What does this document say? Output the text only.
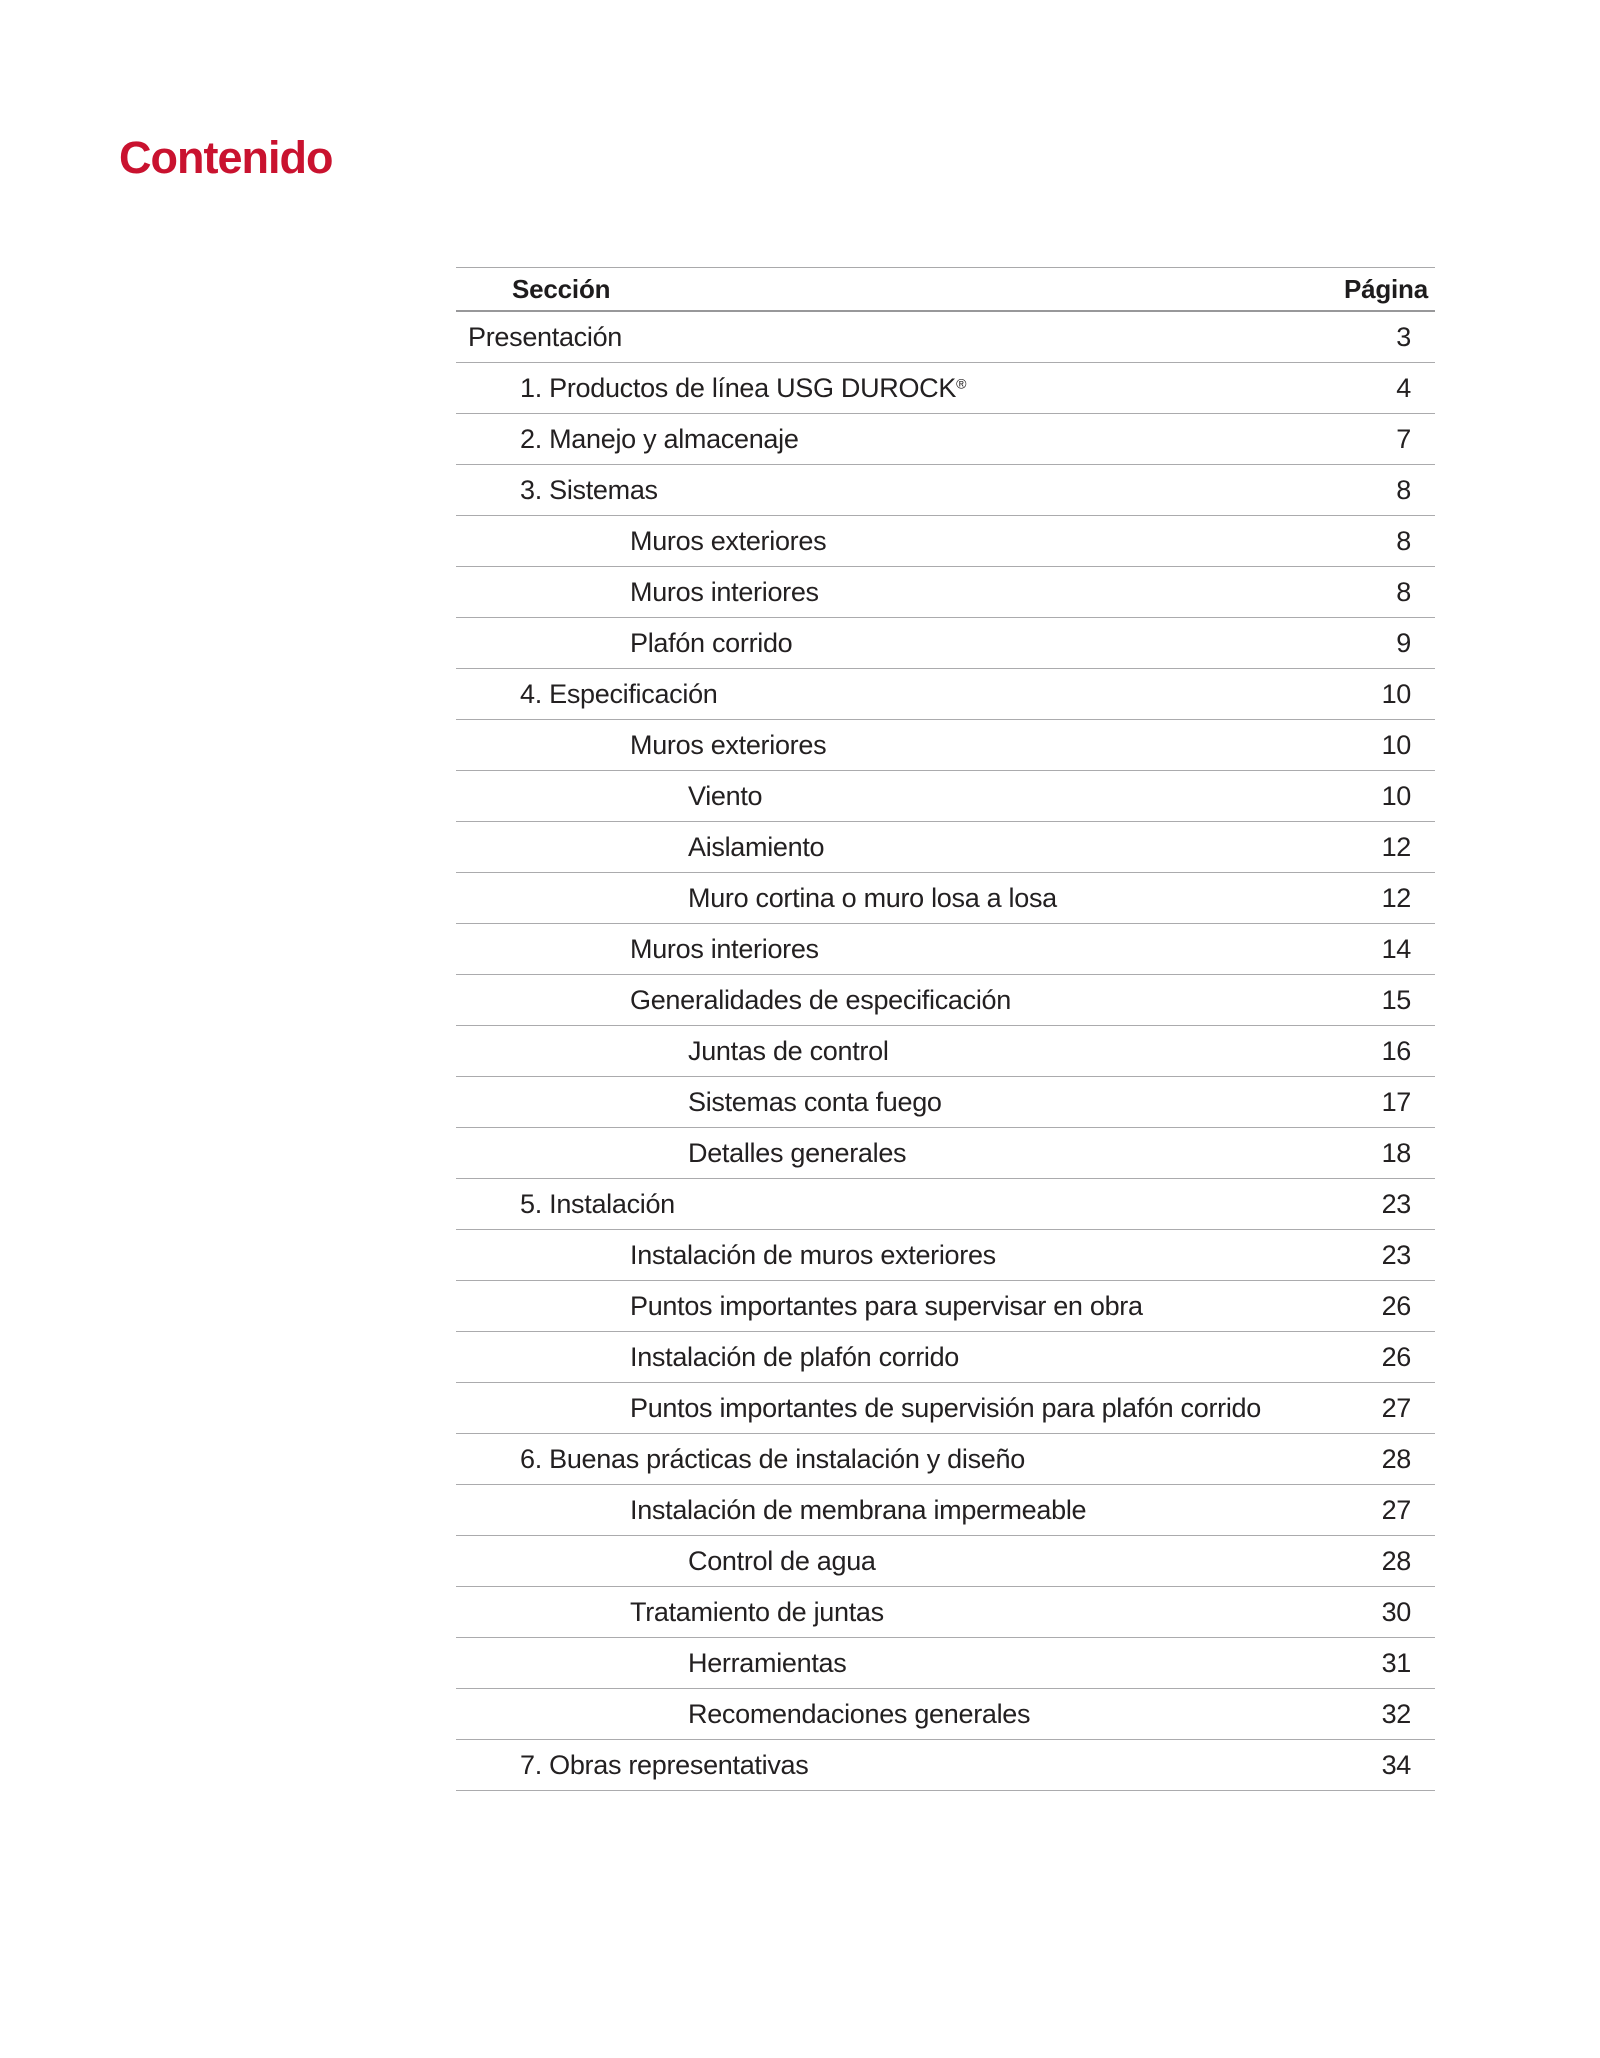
Contenido
Sección	Página
Presentación	3
1. Productos de línea USG DUROCK®	4
2. Manejo y almacenaje	7
3. Sistemas	8
Muros exteriores	8
Muros interiores	8
Plafón corrido	9
4. Especificación	10
Muros exteriores	10
Viento	10
Aislamiento	12
Muro cortina o muro losa a losa	12
Muros interiores	14
Generalidades de especificación	15
Juntas de control	16
Sistemas conta fuego	17
Detalles generales	18
5. Instalación	23
Instalación de muros exteriores	23
Puntos importantes para supervisar en obra	26
Instalación de plafón corrido	26
Puntos importantes de supervisión para plafón corrido	27
6. Buenas prácticas de instalación y diseño	28
Instalación de membrana impermeable	27
Control de agua	28
Tratamiento de juntas	30
Herramientas	31
Recomendaciones generales	32
7. Obras representativas	34
